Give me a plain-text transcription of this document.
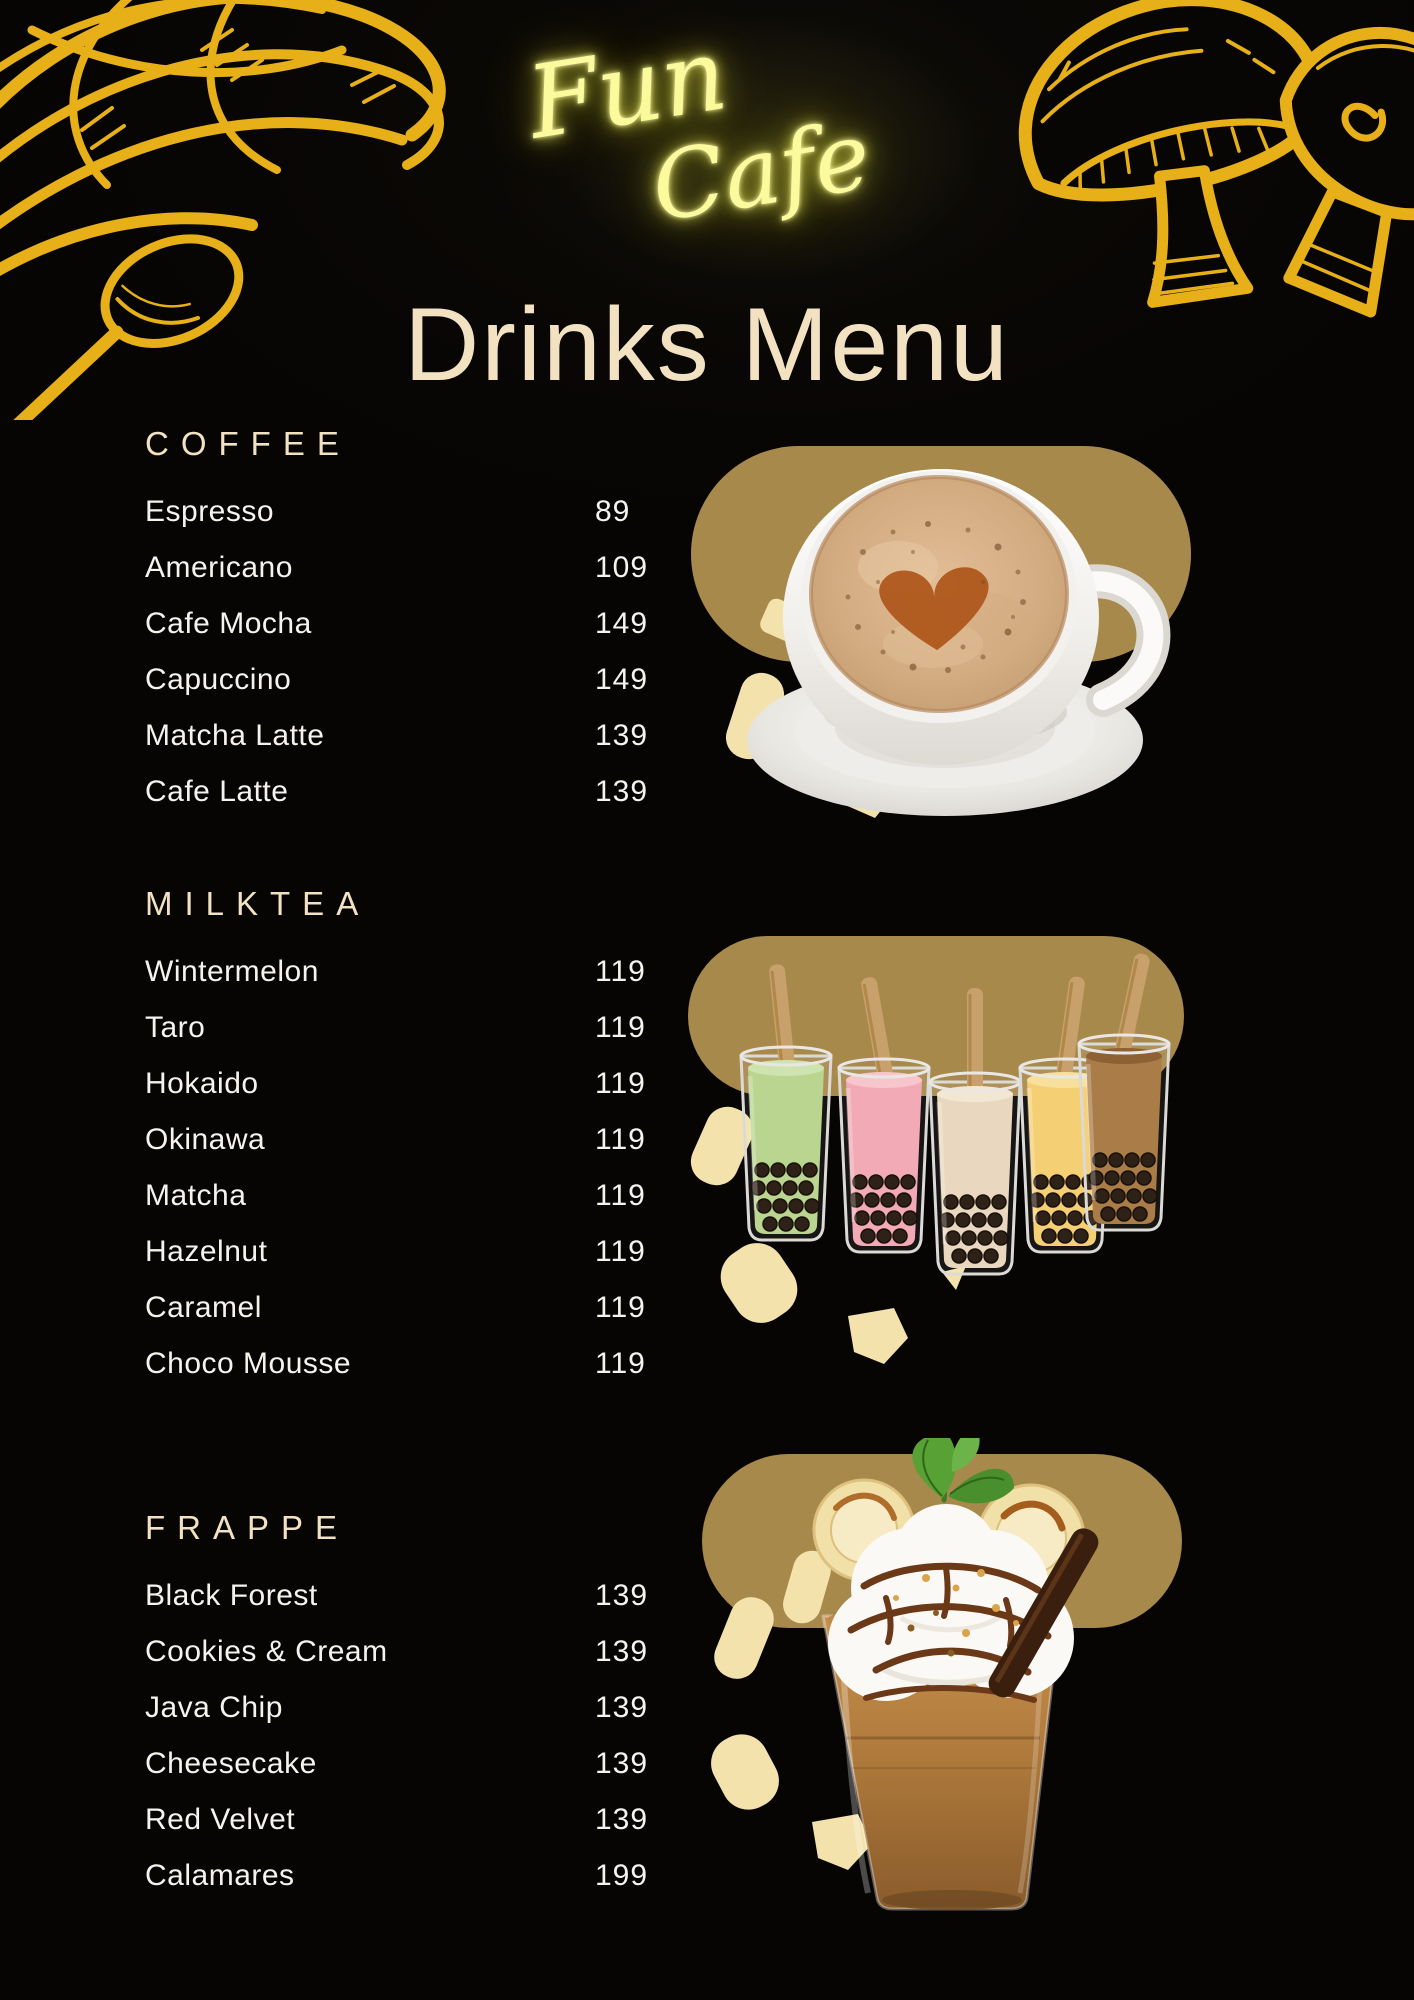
Fun
Cafe
Drinks Menu
COFFEE
Espresso	89
Americano	109
Cafe Mocha	149
Capuccino	149
Matcha Latte	139
Cafe Latte	139
MILKTEA
Wintermelon	119
Taro	119
Hokaido	119
Okinawa	119
Matcha	119
Hazelnut	119
Caramel	119
Choco Mousse	119
FRAPPE
Black Forest	139
Cookies & Cream	139
Java Chip	139
Cheesecake	139
Red Velvet	139
Calamares	199
